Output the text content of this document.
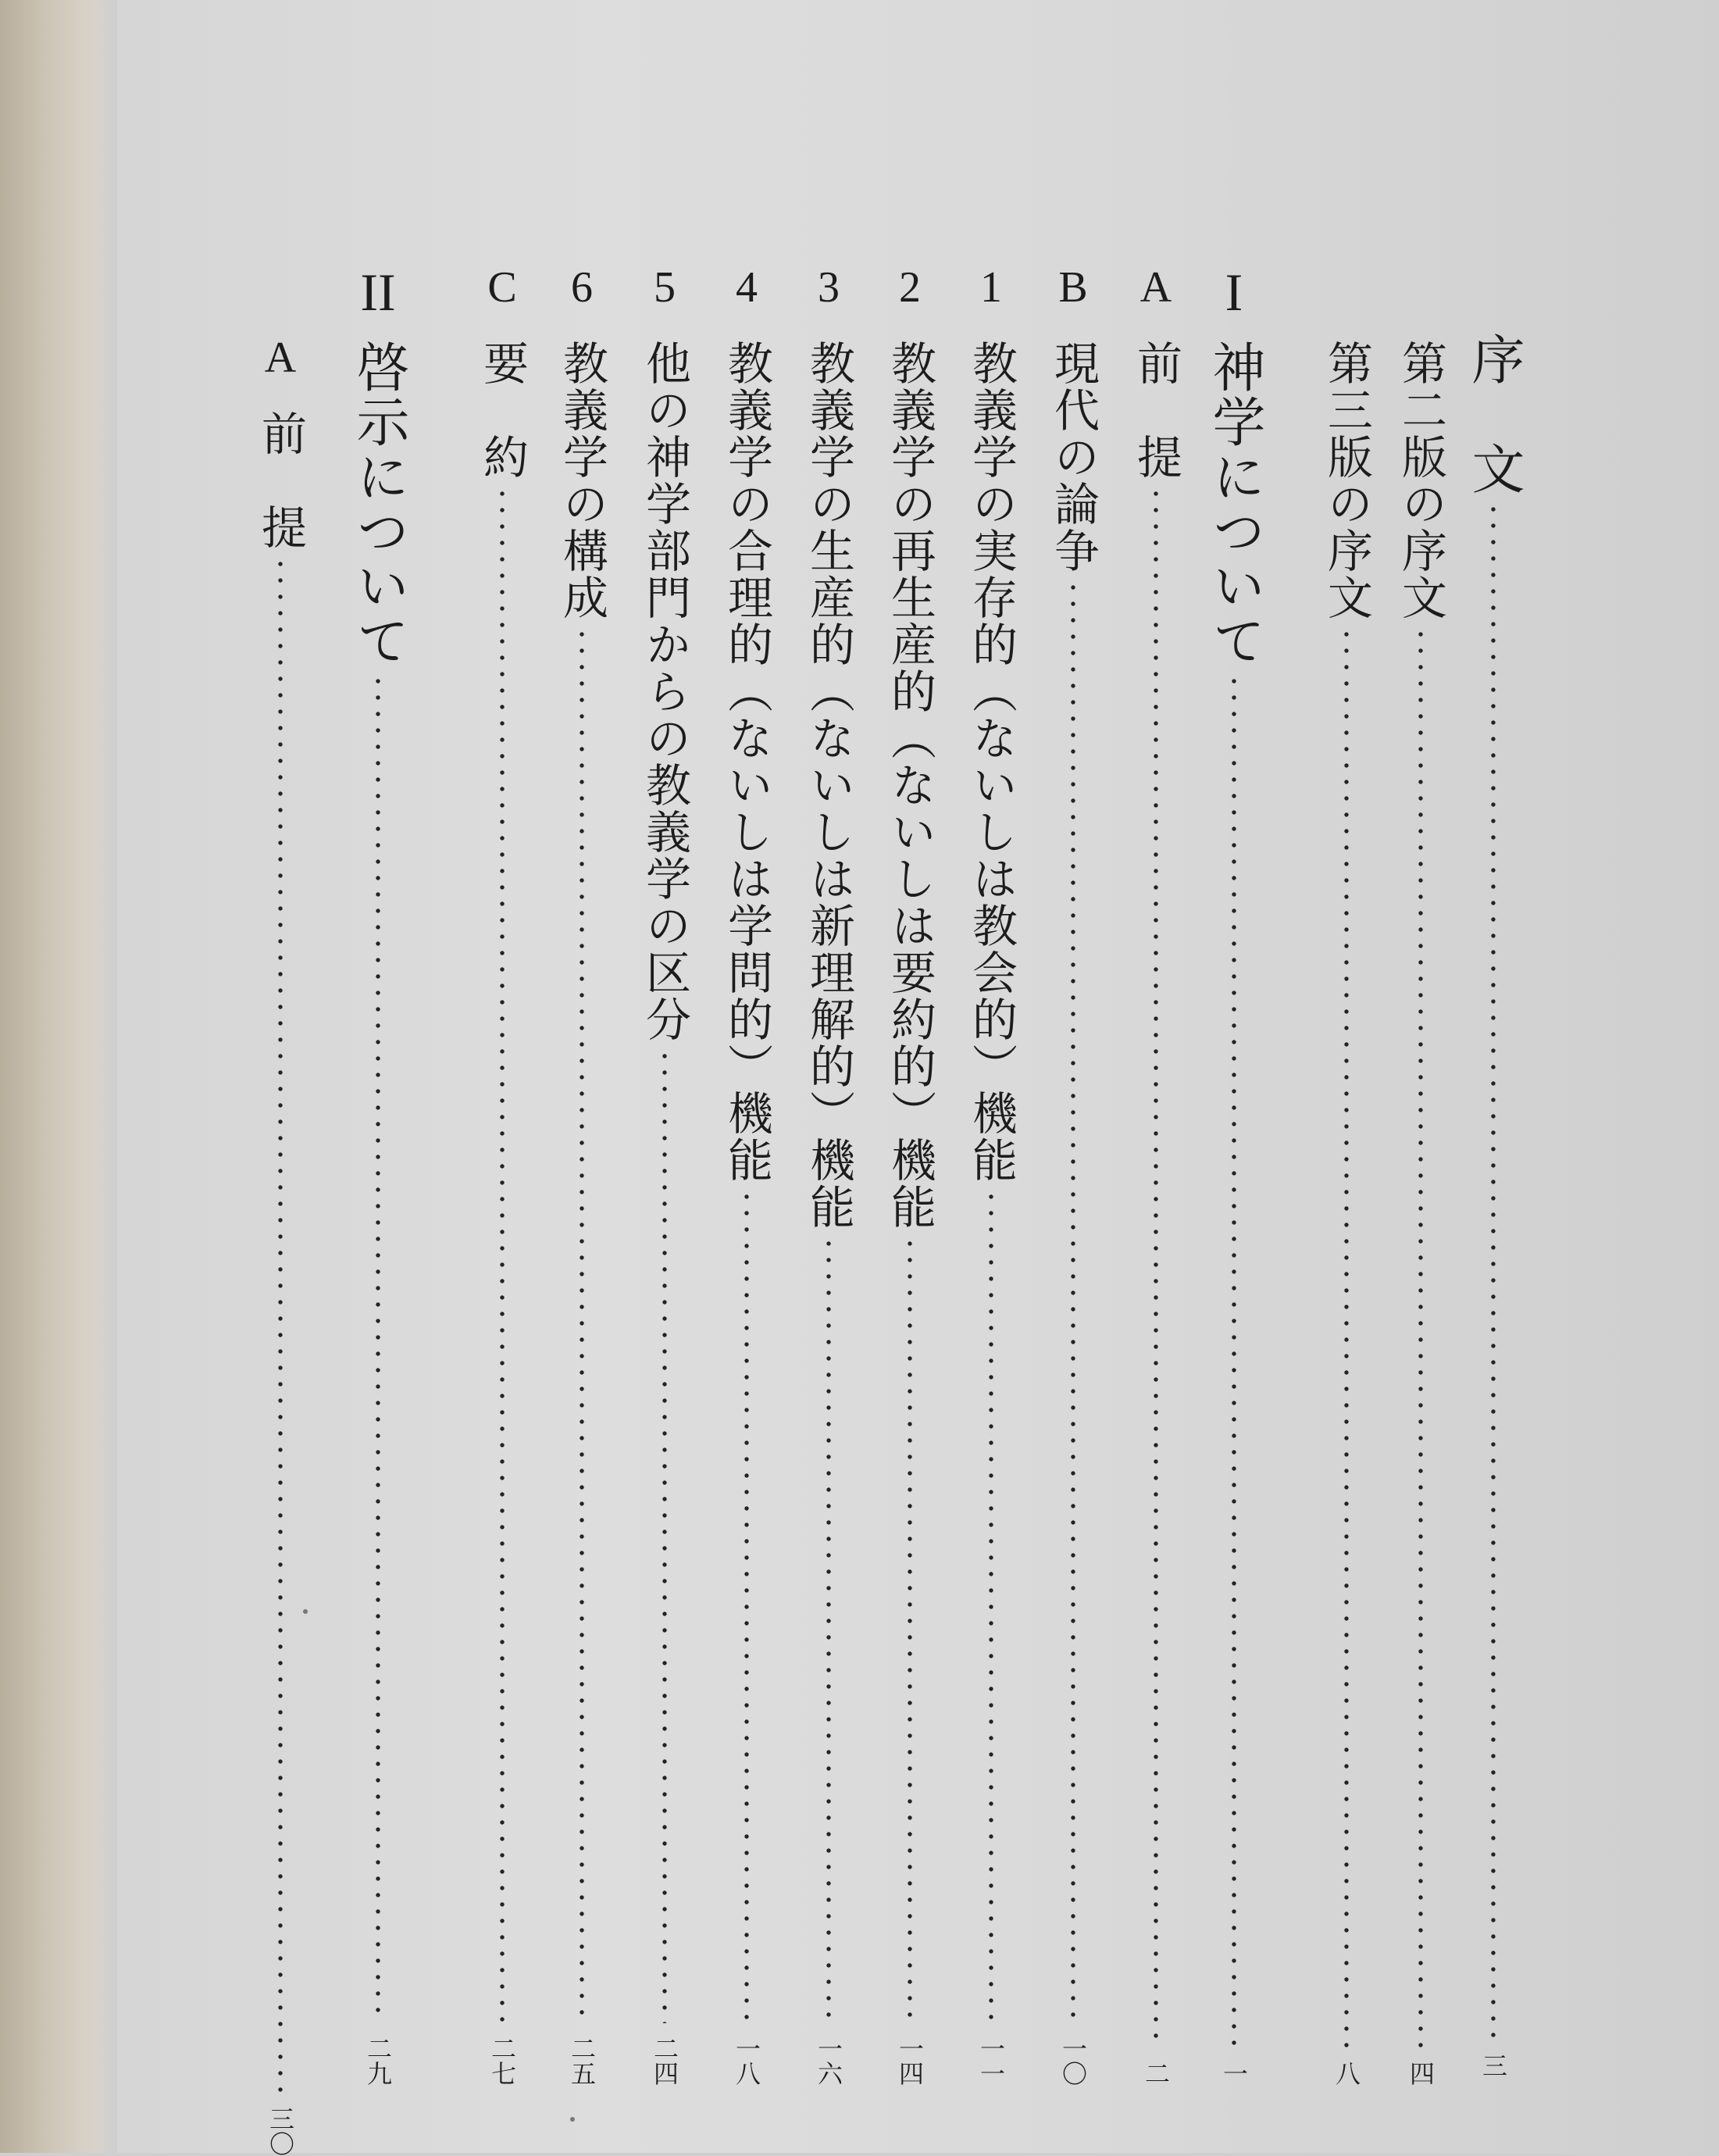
序　文
三
第二版の序文
四
第三版の序文
八
I
神学について
一
A
前　提
二
B
現代の論争
一〇
1
教義学の実存的（ないしは教会的）機能
一一
2
教義学の再生産的（ないしは要約的）機能
一四
3
教義学の生産的（ないしは新理解的）機能
一六
4
教義学の合理的（ないしは学問的）機能
一八
5
他の神学部門からの教義学の区分
二四
6
教義学の構成
二五
C
要　約
二七
II
啓示について
二九
A
前　提
三〇
